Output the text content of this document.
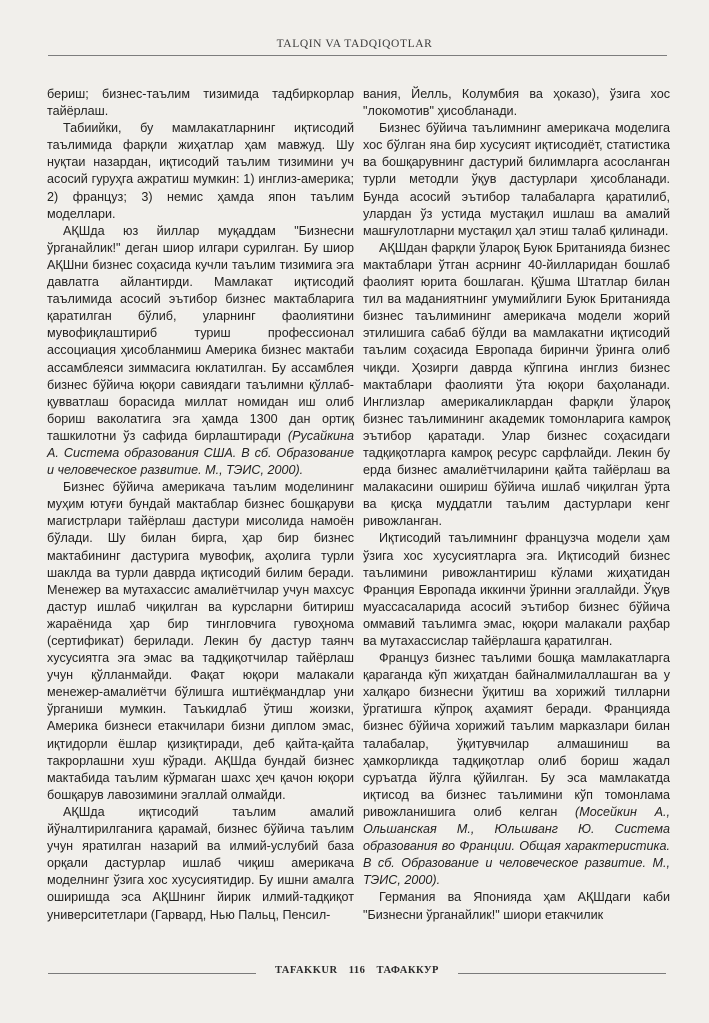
TALQIN VA TADQIQOTLAR

бериш; бизнес-таълим тизимида тадбиркорлар тайёрлаш.

Табиийки, бу мамлакатларнинг иқтисодий таълимида фарқли жиҳатлар ҳам мавжуд. Шу нуқтаи назардан, иқтисодий таълим тизимини уч асосий гуруҳга ажратиш мумкин: 1) инглиз-америка; 2) француз; 3) немис ҳамда япон таълим моделлари.

АҚШда юз йиллар муқаддам "Бизнесни ўрганайлик!" деган шиор илгари сурилган. Бу шиор АҚШни бизнес соҳасида кучли таълим тизимига эга давлатга айлантирди. Мамлакат иқтисодий таълимида асосий эътибор бизнес мактабларига қаратилган бўлиб, уларнинг фаолиятини мувофиқлаштириб туриш профессионал ассоциация ҳисобланмиш Америка бизнес мактаби ассамблеяси зиммасига юклатилган. Бу ассамблея бизнес бўйича юқори савиядаги таълимни қўллаб-қувватлаш борасида миллат номидан иш олиб бориш ваколатига эга ҳамда 1300 дан ортиқ ташкилотни ўз сафида бирлаштиради (Русайкина А. Система образования США. В сб. Образование и человеческое развитие. М., ТЭИС, 2000).

Бизнес бўйича америкача таълим моделининг муҳим ютуғи бундай мактаблар бизнес бошқаруви магистрлари тайёрлаш дастури мисолида намоён бўлади. Шу билан бирга, ҳар бир бизнес мактабининг дастурига мувофиқ, аҳолига турли шаклда ва турли даврда иқтисодий билим беради. Менежер ва мутахассис амалиётчилар учун махсус дастур ишлаб чиқилган ва курсларни битириш жараёнида ҳар бир тингловчига гувоҳнома (сертификат) берилади. Лекин бу дастур таянч хусусиятга эга эмас ва тадқиқотчилар тайёрлаш учун қўлланмайди. Фақат юқори малакали менежер-амалиётчи бўлишга иштиёқмандлар уни ўрганиши мумкин. Таъкидлаб ўтиш жоизки, Америка бизнеси етакчилари бизни диплом эмас, иқтидорли ёшлар қизиқтиради, деб қайта-қайта такрорлашни хуш кўради. АҚШда бундай бизнес мактабида таълим кўрмаган шахс ҳеч қачон юқори бошқарув лавозимини эгаллай олмайди.

АҚШда иқтисодий таълим амалий йўналтирилганига қарамай, бизнес бўйича таълим учун яратилган назарий ва илмий-услубий база орқали дастурлар ишлаб чиқиш америкача моделнинг ўзига хос хусусиятидир. Бу ишни амалга оширишда эса АҚШнинг йирик илмий-тадқиқот университетлари (Гарвард, Нью Пальц, Пенсил-

вания, Йелль, Колумбия ва ҳоказо), ўзига хос "локомотив" ҳисобланади.

Бизнес бўйича таълимнинг америкача моделига хос бўлган яна бир хусусият иқтисодиёт, статистика ва бошқарувнинг дастурий билимларга асосланган турли методли ўқув дастурлари ҳисобланади. Бунда асосий эътибор талабаларга қаратилиб, улардан ўз устида мустақил ишлаш ва амалий машғулотларни мустақил ҳал этиш талаб қилинади.

АҚШдан фарқли ўлароқ Буюк Британияда бизнес мактаблари ўтган асрнинг 40-йилларидан бошлаб фаолият юрита бошлаган. Қўшма Штатлар билан тил ва маданиятнинг умумийлиги Буюк Британияда бизнес таълимининг америкача модели жорий этилишига сабаб бўлди ва мамлакатни иқтисодий таълим соҳасида Европада биринчи ўринга олиб чиқди. Ҳозирги даврда кўпгина инглиз бизнес мактаблари фаолияти ўта юқори баҳоланади. Инглизлар америкаликлардан фарқли ўлароқ бизнес таълимининг академик томонларига камроқ эътибор қаратади. Улар бизнес соҳасидаги тадқиқотларга камроқ ресурс сарфлайди. Лекин бу ерда бизнес амалиётчиларини қайта тайёрлаш ва малакасини ошириш бўйича ишлаб чиқилган ўрта ва қисқа муддатли таълим дастурлари кенг ривожланган.

Иқтисодий таълимнинг французча модели ҳам ўзига хос хусусиятларга эга. Иқтисодий бизнес таълимини ривожлантириш кўлами жиҳатидан Франция Европада иккинчи ўринни эгаллайди. Ўқув муассасаларида асосий эътибор бизнес бўйича оммавий таълимга эмас, юқори малакали раҳбар ва мутахассислар тайёрлашга қаратилган.

Француз бизнес таълими бошқа мамлакатларга қараганда кўп жиҳатдан байналмилаллашган ва у халқаро бизнесни ўқитиш ва хорижий тилларни ўргатишга кўпроқ аҳамият беради. Францияда бизнес бўйича хорижий таълим марказлари билан талабалар, ўқитувчилар алмашиниш ва ҳамкорликда тадқиқотлар олиб бориш жадал суръатда йўлга қўйилган. Бу эса мамлакатда иқтисод ва бизнес таълимини кўп томонлама ривожланишига олиб келган (Мосейкин А., Ольшанская М., Юльшванг Ю. Система образования во Франции. Общая характеристика. В сб. Образование и человеческое развитие. М., ТЭИС, 2000).

Германия ва Японияда ҳам АҚШдаги каби "Бизнесни ўрганайлик!" шиори етакчилик

TAFAKKUR 116 ТАФАККУР
